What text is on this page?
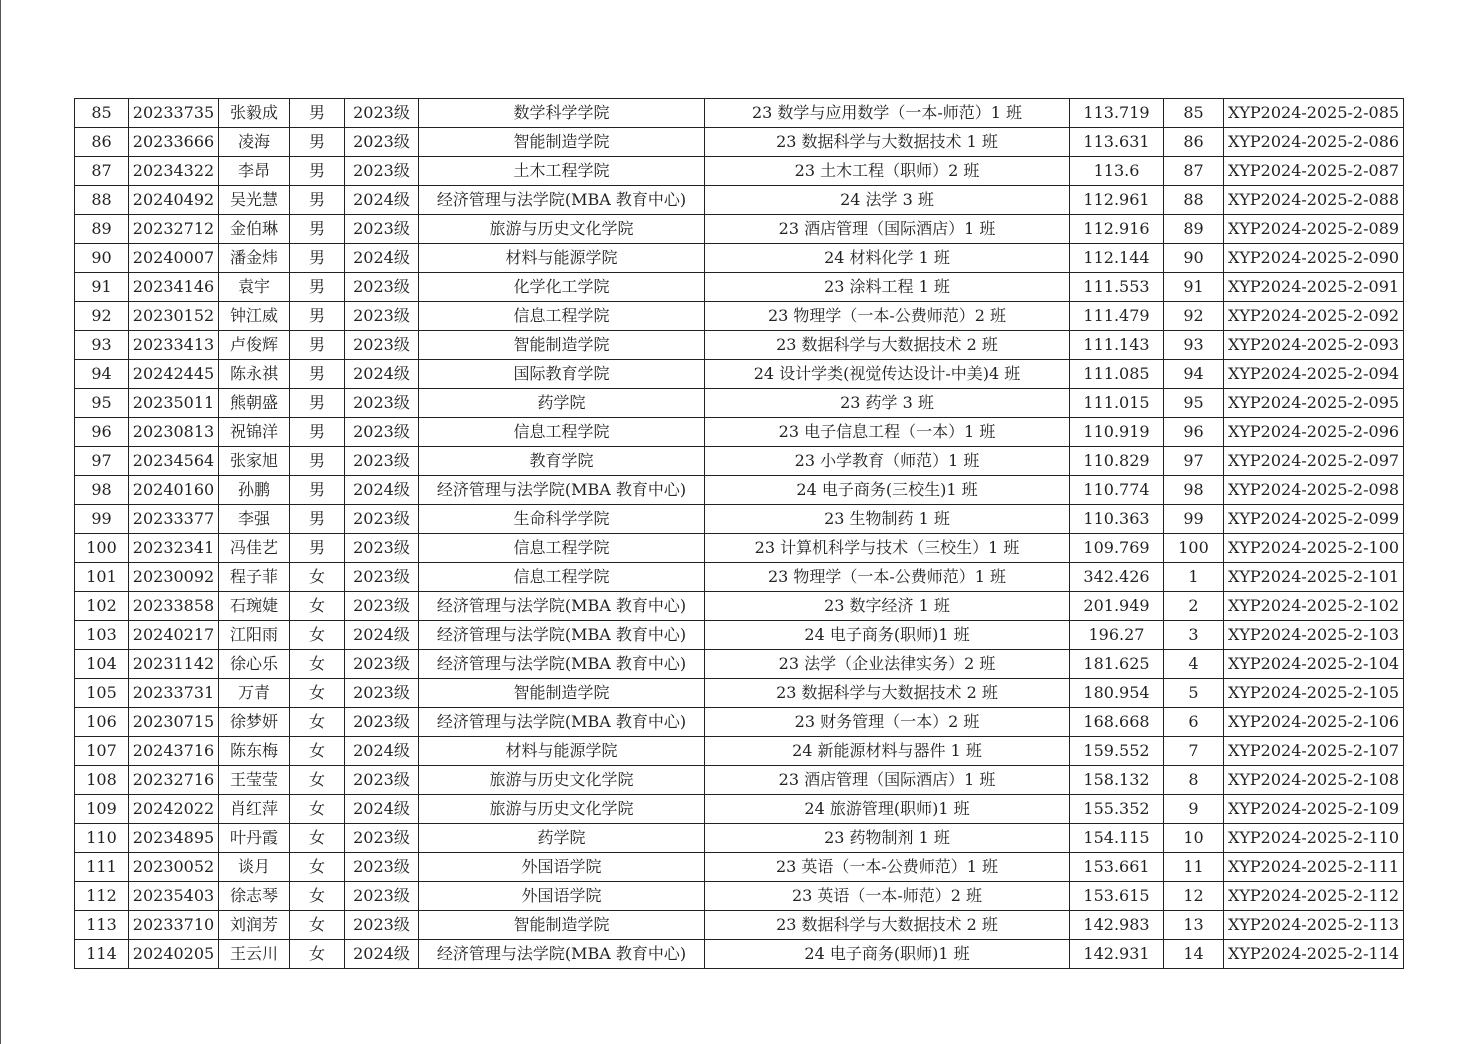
85	20233735	张毅成	男	2023级	数学科学学院	23 数学与应用数学（一本-师范）1 班	113.719	85	XYP2024-2025-2-085
86	20233666	凌海	男	2023级	智能制造学院	23 数据科学与大数据技术 1 班	113.631	86	XYP2024-2025-2-086
87	20234322	李昂	男	2023级	土木工程学院	23 土木工程（职师）2 班	113.6	87	XYP2024-2025-2-087
88	20240492	吴光慧	男	2024级	经济管理与法学院(MBA 教育中心)	24 法学 3 班	112.961	88	XYP2024-2025-2-088
89	20232712	金伯琳	男	2023级	旅游与历史文化学院	23 酒店管理（国际酒店）1 班	112.916	89	XYP2024-2025-2-089
90	20240007	潘金炜	男	2024级	材料与能源学院	24 材料化学 1 班	112.144	90	XYP2024-2025-2-090
91	20234146	袁宇	男	2023级	化学化工学院	23 涂料工程 1 班	111.553	91	XYP2024-2025-2-091
92	20230152	钟江威	男	2023级	信息工程学院	23 物理学（一本-公费师范）2 班	111.479	92	XYP2024-2025-2-092
93	20233413	卢俊辉	男	2023级	智能制造学院	23 数据科学与大数据技术 2 班	111.143	93	XYP2024-2025-2-093
94	20242445	陈永祺	男	2024级	国际教育学院	24 设计学类(视觉传达设计-中美)4 班	111.085	94	XYP2024-2025-2-094
95	20235011	熊朝盛	男	2023级	药学院	23 药学 3 班	111.015	95	XYP2024-2025-2-095
96	20230813	祝锦洋	男	2023级	信息工程学院	23 电子信息工程（一本）1 班	110.919	96	XYP2024-2025-2-096
97	20234564	张家旭	男	2023级	教育学院	23 小学教育（师范）1 班	110.829	97	XYP2024-2025-2-097
98	20240160	孙鹏	男	2024级	经济管理与法学院(MBA 教育中心)	24 电子商务(三校生)1 班	110.774	98	XYP2024-2025-2-098
99	20233377	李强	男	2023级	生命科学学院	23 生物制药 1 班	110.363	99	XYP2024-2025-2-099
100	20232341	冯佳艺	男	2023级	信息工程学院	23 计算机科学与技术（三校生）1 班	109.769	100	XYP2024-2025-2-100
101	20230092	程子菲	女	2023级	信息工程学院	23 物理学（一本-公费师范）1 班	342.426	1	XYP2024-2025-2-101
102	20233858	石琬婕	女	2023级	经济管理与法学院(MBA 教育中心)	23 数字经济 1 班	201.949	2	XYP2024-2025-2-102
103	20240217	江阳雨	女	2024级	经济管理与法学院(MBA 教育中心)	24 电子商务(职师)1 班	196.27	3	XYP2024-2025-2-103
104	20231142	徐心乐	女	2023级	经济管理与法学院(MBA 教育中心)	23 法学（企业法律实务）2 班	181.625	4	XYP2024-2025-2-104
105	20233731	万青	女	2023级	智能制造学院	23 数据科学与大数据技术 2 班	180.954	5	XYP2024-2025-2-105
106	20230715	徐梦妍	女	2023级	经济管理与法学院(MBA 教育中心)	23 财务管理（一本）2 班	168.668	6	XYP2024-2025-2-106
107	20243716	陈东梅	女	2024级	材料与能源学院	24 新能源材料与器件 1 班	159.552	7	XYP2024-2025-2-107
108	20232716	王莹莹	女	2023级	旅游与历史文化学院	23 酒店管理（国际酒店）1 班	158.132	8	XYP2024-2025-2-108
109	20242022	肖红萍	女	2024级	旅游与历史文化学院	24 旅游管理(职师)1 班	155.352	9	XYP2024-2025-2-109
110	20234895	叶丹霞	女	2023级	药学院	23 药物制剂 1 班	154.115	10	XYP2024-2025-2-110
111	20230052	谈月	女	2023级	外国语学院	23 英语（一本-公费师范）1 班	153.661	11	XYP2024-2025-2-111
112	20235403	徐志琴	女	2023级	外国语学院	23 英语（一本-师范）2 班	153.615	12	XYP2024-2025-2-112
113	20233710	刘润芳	女	2023级	智能制造学院	23 数据科学与大数据技术 2 班	142.983	13	XYP2024-2025-2-113
114	20240205	王云川	女	2024级	经济管理与法学院(MBA 教育中心)	24 电子商务(职师)1 班	142.931	14	XYP2024-2025-2-114
